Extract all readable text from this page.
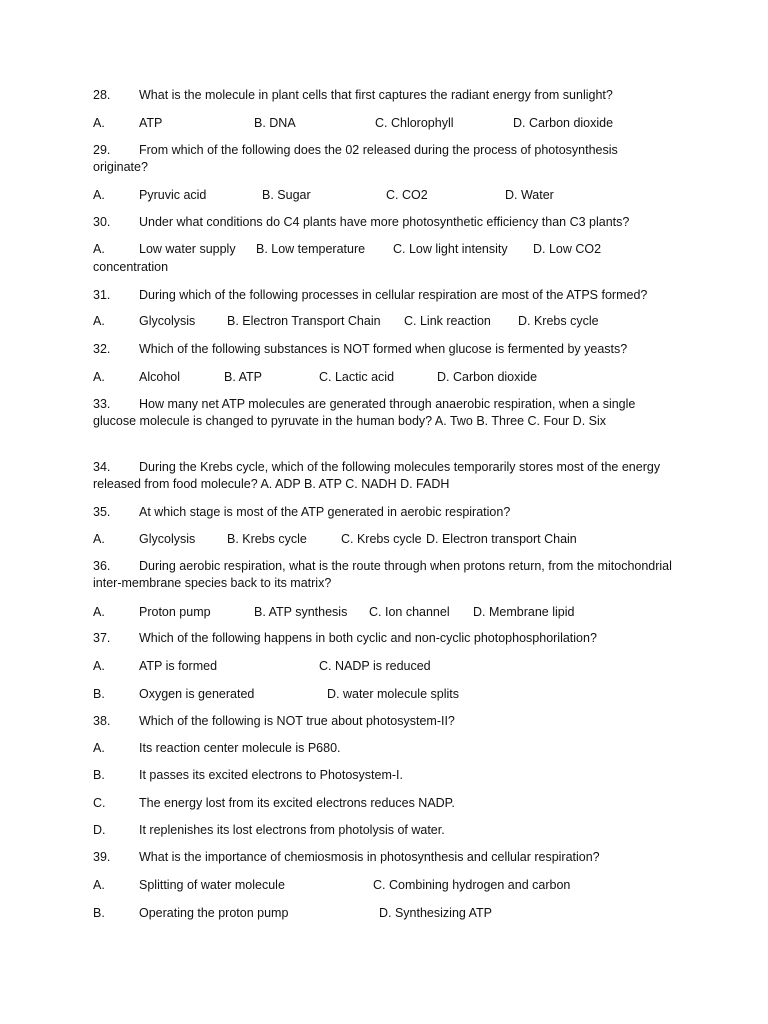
28. What is the molecule in plant cells that first captures the radiant energy from sunlight?
A.	ATP	B. DNA	C. Chlorophyll	D. Carbon dioxide
29. From which of the following does the 02 released during the process of photosynthesis originate?
A.	Pyruvic acid	B. Sugar	C. CO2	D. Water
30. Under what conditions do C4 plants have more photosynthetic efficiency than C3 plants?
A.	Low water supply B. Low temperature C. Low light intensity D. Low CO2
concentration
31. During which of the following processes in cellular respiration are most of the ATPS formed?
A.	Glycolysis	B. Electron Transport Chain C. Link reaction D. Krebs cycle
32. Which of the following substances is NOT formed when glucose is fermented by yeasts?
A.	Alcohol	B. ATP	C. Lactic acid	D. Carbon dioxide
33. How many net ATP molecules are generated through anaerobic respiration, when a single glucose molecule is changed to pyruvate in the human body? A. Two B. Three C. Four D. Six
34. During the Krebs cycle, which of the following molecules temporarily stores most of the energy released from food molecule? A. ADP B. ATP C. NADH D. FADH
35. At which stage is most of the ATP generated in aerobic respiration?
A.	Glycolysis	B. Krebs cycle	C. Krebs cycle D. Electron transport Chain
36. During aerobic respiration, what is the route through when protons return, from the mitochondrial inter-membrane species back to its matrix?
A.	Proton pump	B. ATP synthesis C. Ion channel D. Membrane lipid
37. Which of the following happens in both cyclic and non-cyclic photophosphorilation?
A.	ATP is formed	C. NADP is reduced
B.	Oxygen is generated	D. water molecule splits
38. Which of the following is NOT true about photosystem-II?
A.	Its reaction center molecule is P680.
B.	It passes its excited electrons to Photosystem-I.
C.	The energy lost from its excited electrons reduces NADP.
D.	It replenishes its lost electrons from photolysis of water.
39. What is the importance of chemiosmosis in photosynthesis and cellular respiration?
A.	Splitting of water molecule	C. Combining hydrogen and carbon
B.	Operating the proton pump	D. Synthesizing ATP
